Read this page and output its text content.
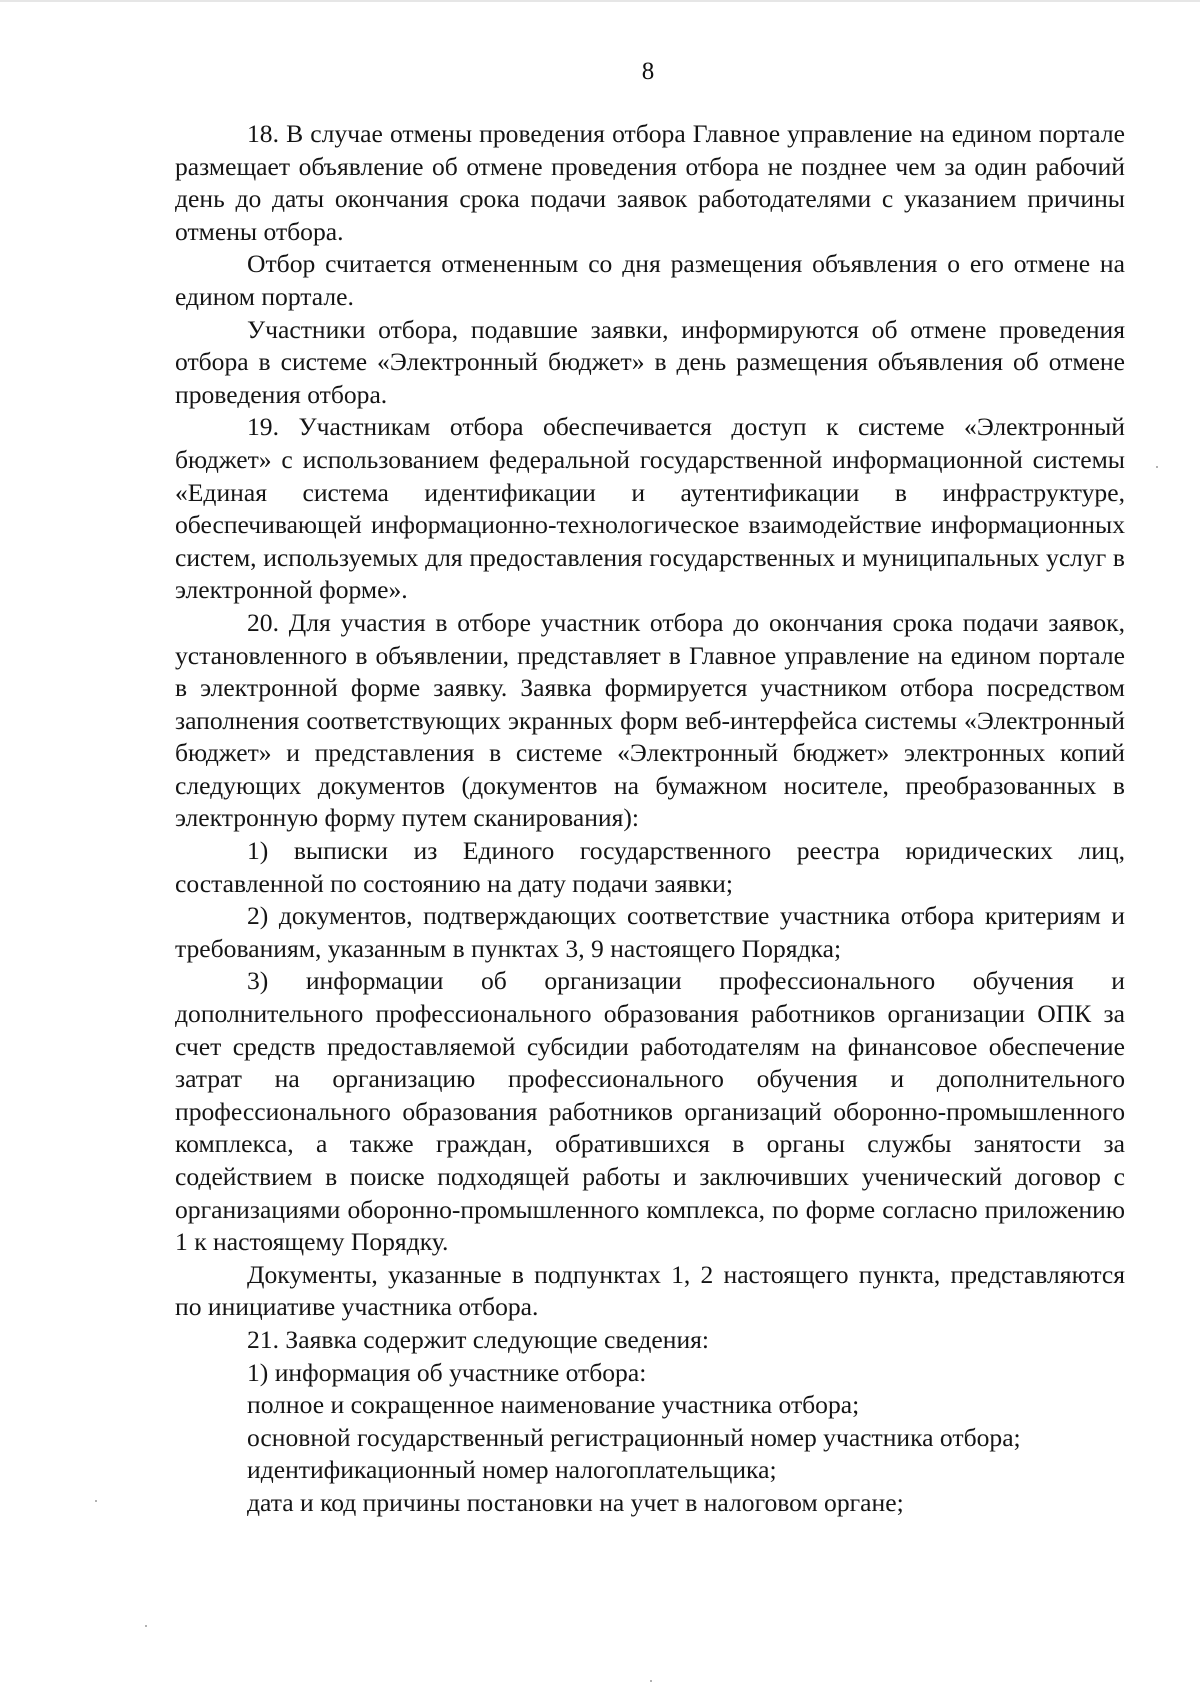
8

18. В случае отмены проведения отбора Главное управление на едином портале размещает объявление об отмене проведения отбора не позднее чем за один рабочий день до даты окончания срока подачи заявок работодателями с указанием причины отмены отбора.

Отбор считается отмененным со дня размещения объявления о его отмене на едином портале.

Участники отбора, подавшие заявки, информируются об отмене проведения отбора в системе «Электронный бюджет» в день размещения объявления об отмене проведения отбора.

19. Участникам отбора обеспечивается доступ к системе «Электронный бюджет» с использованием федеральной государственной информационной системы «Единая система идентификации и аутентификации в инфраструктуре, обеспечивающей информационно-технологическое взаимодействие информационных систем, используемых для предоставления государственных и муниципальных услуг в электронной форме».

20. Для участия в отборе участник отбора до окончания срока подачи заявок, установленного в объявлении, представляет в Главное управление на едином портале в электронной форме заявку. Заявка формируется участником отбора посредством заполнения соответствующих экранных форм веб-интерфейса системы «Электронный бюджет» и представления в системе «Электронный бюджет» электронных копий следующих документов (документов на бумажном носителе, преобразованных в электронную форму путем сканирования):

1) выписки из Единого государственного реестра юридических лиц, составленной по состоянию на дату подачи заявки;

2) документов, подтверждающих соответствие участника отбора критериям и требованиям, указанным в пунктах 3, 9 настоящего Порядка;

3) информации об организации профессионального обучения и дополнительного профессионального образования работников организации ОПК за счет средств предоставляемой субсидии работодателям на финансовое обеспечение затрат на организацию профессионального обучения и дополнительного профессионального образования работников организаций оборонно-промышленного комплекса, а также граждан, обратившихся в органы службы занятости за содействием в поиске подходящей работы и заключивших ученический договор с организациями оборонно-промышленного комплекса, по форме согласно приложению 1 к настоящему Порядку.

Документы, указанные в подпунктах 1, 2 настоящего пункта, представляются по инициативе участника отбора.

21. Заявка содержит следующие сведения:

1) информация об участнике отбора:

полное и сокращенное наименование участника отбора;

основной государственный регистрационный номер участника отбора;

идентификационный номер налогоплательщика;

дата и код причины постановки на учет в налоговом органе;
